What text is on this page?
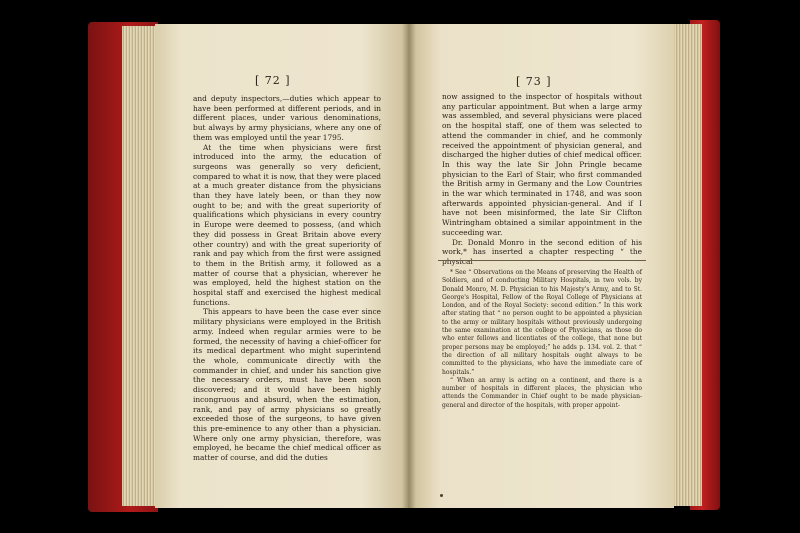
[ 72 ]

and deputy inspectors,—duties which appear to have been performed at different periods, and in different places, under various denominations, but always by army physicians, where any one of them was employed until the year 1795.

At the time when physicians were first introduced into the army, the education of surgeons was generally so very deficient, compared to what it is now, that they were placed at a much greater distance from the physicians than they have lately been, or than they now ought to be; and with the great superiority of qualifications which physicians in every country in Europe were deemed to possess, (and which they did possess in Great Britain above every other country) and with the great superiority of rank and pay which from the first were assigned to them in the British army, it followed as a matter of course that a physician, wherever he was employed, held the highest station on the hospital staff and exercised the highest medical functions.

This appears to have been the case ever since military physicians were employed in the British army. Indeed when regular armies were to be formed, the necessity of having a chief-officer for its medical department who might superintend the whole, communicate directly with the commander in chief, and under his sanction give the necessary orders, must have been soon discovered; and it would have been highly incongruous and absurd, when the estimation, rank, and pay of army physicians so greatly exceeded those of the surgeons, to have given this pre-eminence to any other than a physician. Where only one army physician, therefore, was employed, he became the chief medical officer as matter of course, and did the duties

[ 73 ]

now assigned to the inspector of hospitals without any particular appointment. But when a large army was assembled, and several physicians were placed on the hospital staff, one of them was selected to attend the commander in chief, and he commonly received the appointment of physician general, and discharged the higher duties of chief medical officer. In this way the late Sir John Pringle became physician to the Earl of Stair, who first commanded the British army in Germany and the Low Countries in the war which terminated in 1748, and was soon afterwards appointed physician-general. And if I have not been misinformed, the late Sir Clifton Wintringham obtained a similar appointment in the succeeding war.

Dr. Donald Monro in the second edition of his work,* has inserted a chapter respecting “ the physical

* See “ Observations on the Means of preserving the Health of Soldiers, and of conducting Military Hospitals, in two vols. by Donald Monro, M. D. Physician to his Majesty's Army, and to St. George's Hospital, Fellow of the Royal College of Physicians at London, and of the Royal Society: second edition.” In this work after stating that “ no person ought to be appointed a physician to the army or military hospitals without previously undergoing the same examination at the college of Physicians, as those do who enter fellows and licentiates of the college, that none but proper persons may be employed;” he adds p. 134. vol. 2. that “ the direction of all military hospitals ought always to be committed to the physicians, who have the immediate care of hospitals.”

“ When an army is acting on a continent, and there is a number of hospitals in different places, the physician who attends the Commander in Chief ought to be made physician-general and director of the hospitals, with proper appoint-
